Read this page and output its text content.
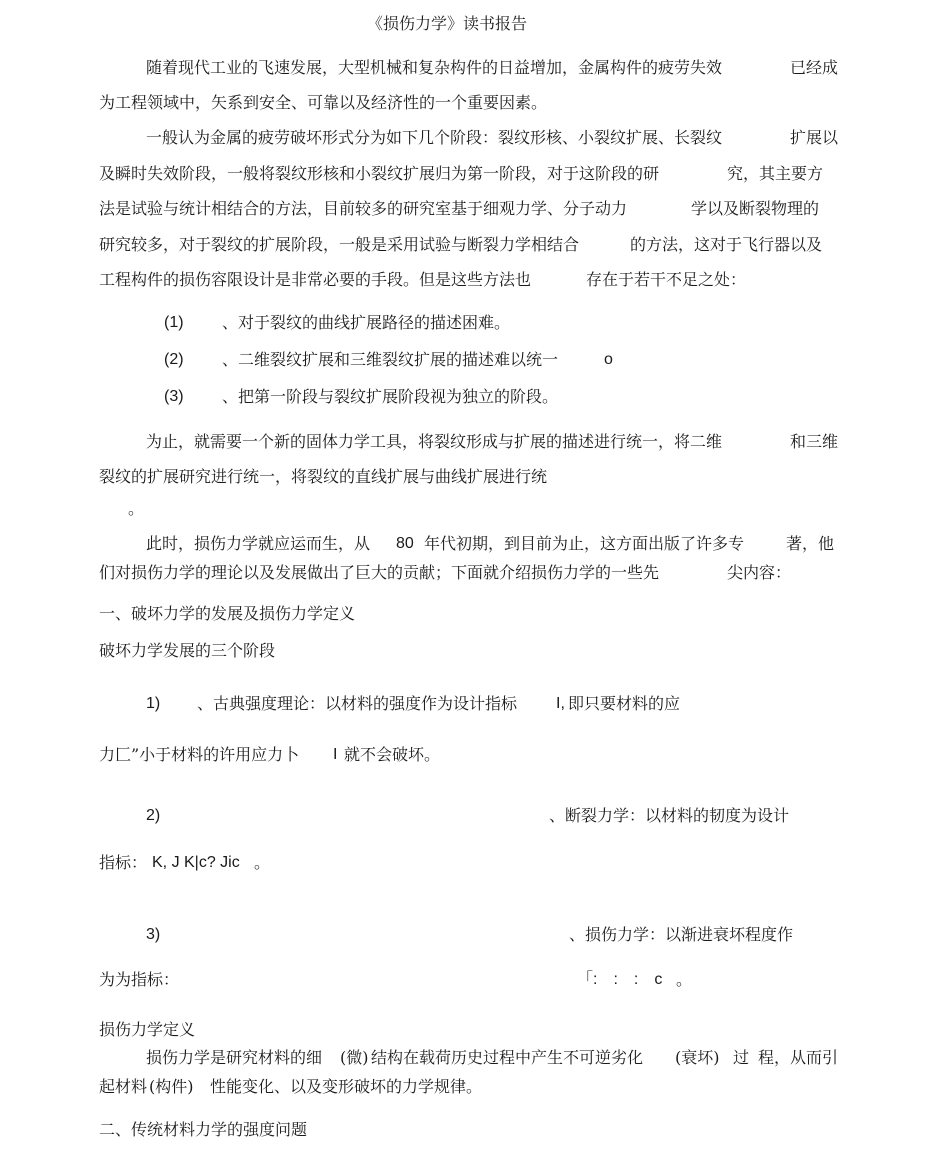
《损伤力学》读书报告
随着现代工业的飞速发展，大型机械和复杂构件的日益增加，金属构件的疲劳失效	已经成
为工程领域中，矢系到安全、可靠以及经济性的一个重要因素。
一般认为金属的疲劳破坏形式分为如下几个阶段：裂纹形核、小裂纹扩展、长裂纹	扩展以
及瞬时失效阶段，一般将裂纹形核和小裂纹扩展归为第一阶段，对于这阶段的研	究，其主要方
法是试验与统计相结合的方法，目前较多的研究室基于细观力学、分子动力	学以及断裂物理的
研究较多，对于裂纹的扩展阶段，一般是采用试验与断裂力学相结合	的方法，这对于飞行器以及
工程构件的损伤容限设计是非常必要的手段。但是这些方法也	存在于若干不足之处：
(1) 、对于裂纹的曲线扩展路径的描述困难。
(2) 、二维裂纹扩展和三维裂纹扩展的描述难以统一	o
(3) 、把第一阶段与裂纹扩展阶段视为独立的阶段。
为止，就需要一个新的固体力学工具，将裂纹形成与扩展的描述进行统一，将二维	和三维
裂纹的扩展研究进行统一，将裂纹的直线扩展与曲线扩展进行统
。
此时，损伤力学就应运而生，从 80 年代初期，到目前为止，这方面出版了许多专	著，他
们对损伤力学的理论以及发展做出了巨大的贡献；下面就介绍损伤力学的一些先	尖内容：
一、破坏力学的发展及损伤力学定义
破坏力学发展的三个阶段
1) 、古典强度理论：以材料的强度作为设计指标 I, 即只要材料的应
力匚”小于材料的许用应力卜 I 就不会破坏。
2)	、断裂力学：以材料的韧度为设计
指标： K, J K|c? Jic 。
3)	、损伤力学：以渐进衰坏程度作
为为指标：	「:　:　:　c 。
损伤力学定义
损伤力学是研究材料的细 (微) 结构在载荷历史过程中产生不可逆劣化 (衰坏) 过 程，从而引
起材料 (构件) 性能变化、以及变形破坏的力学规律。
二、传统材料力学的强度问题
